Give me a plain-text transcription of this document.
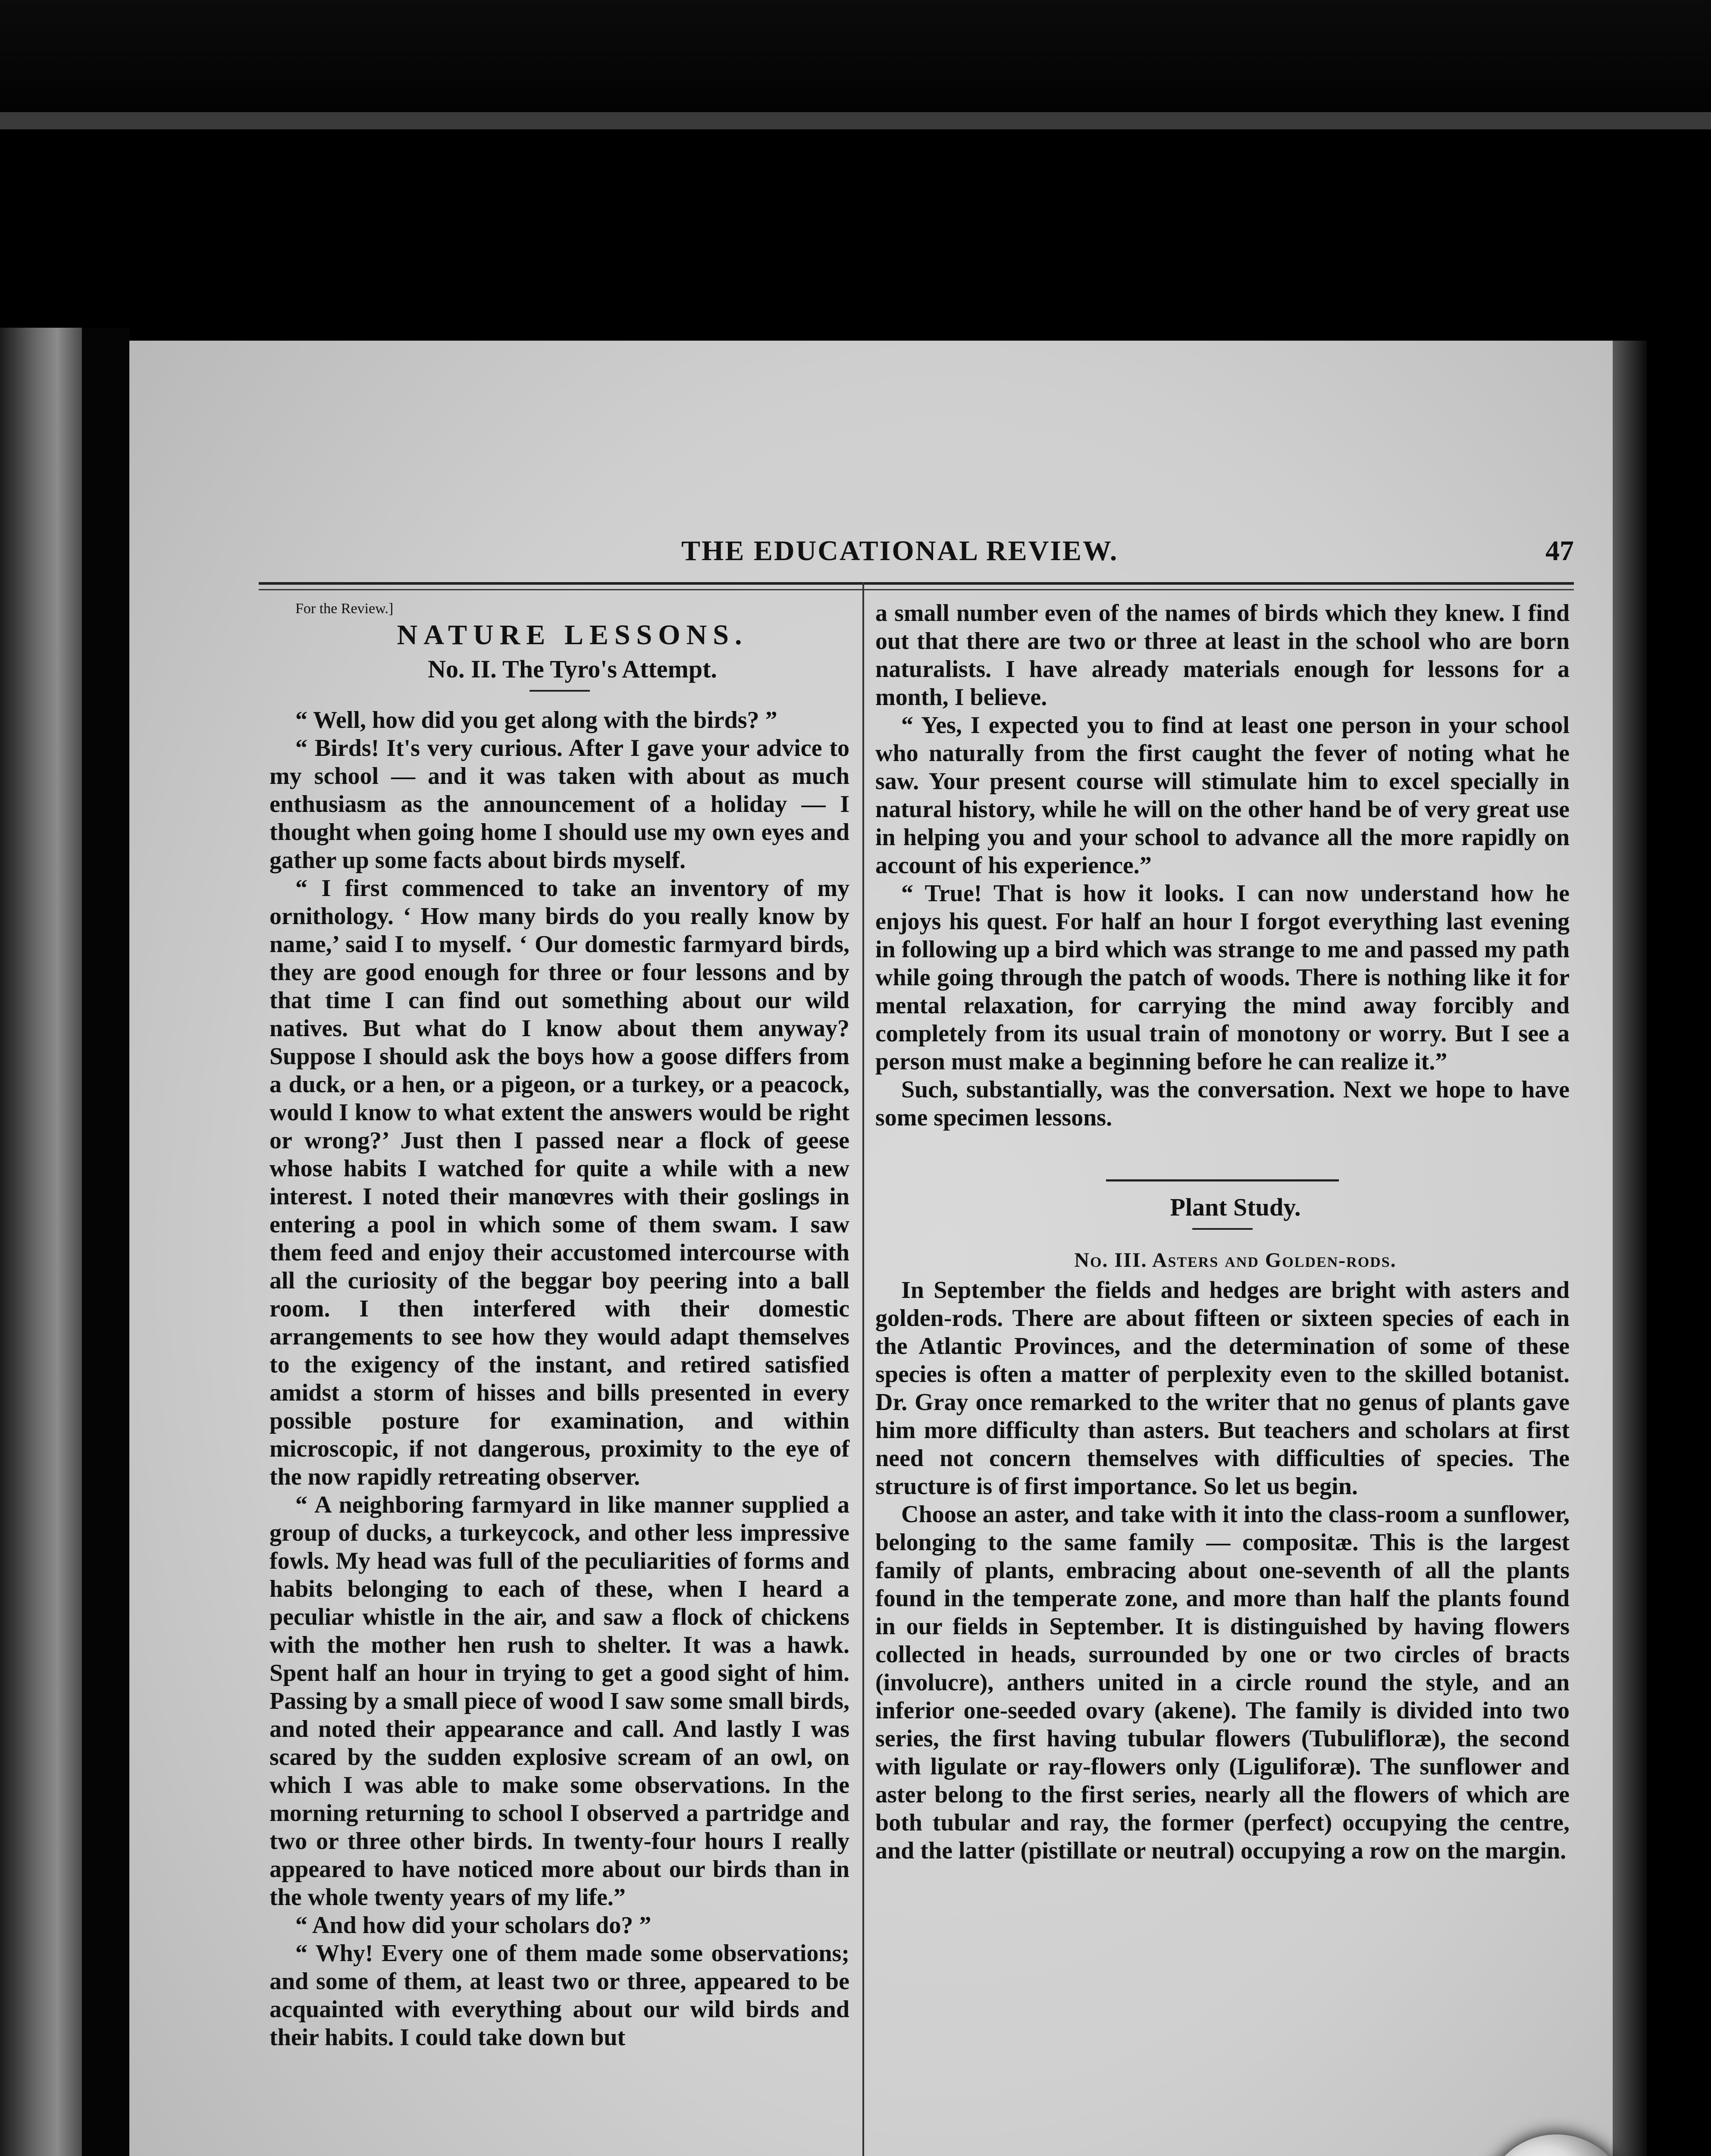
THE EDUCATIONAL REVIEW.	47

For the Review.]

NATURE LESSONS.

No. II. The Tyro's Attempt.

“ Well, how did you get along with the birds? ”

“ Birds! It's very curious. After I gave your advice to my school — and it was taken with about as much enthusiasm as the announcement of a holiday — I thought when going home I should use my own eyes and gather up some facts about birds myself.

“ I first commenced to take an inventory of my ornithology. ‘ How many birds do you really know by name,’ said I to myself. ‘ Our domestic farmyard birds, they are good enough for three or four lessons and by that time I can find out something about our wild natives. But what do I know about them anyway? Suppose I should ask the boys how a goose differs from a duck, or a hen, or a pigeon, or a turkey, or a peacock, would I know to what extent the answers would be right or wrong?’ Just then I passed near a flock of geese whose habits I watched for quite a while with a new interest. I noted their manœvres with their goslings in entering a pool in which some of them swam. I saw them feed and enjoy their accustomed intercourse with all the curiosity of the beggar boy peering into a ball room. I then interfered with their domestic arrangements to see how they would adapt themselves to the exigency of the instant, and retired satisfied amidst a storm of hisses and bills presented in every possible posture for examination, and within microscopic, if not dangerous, proximity to the eye of the now rapidly retreating observer.

“ A neighboring farmyard in like manner supplied a group of ducks, a turkeycock, and other less impressive fowls. My head was full of the peculiarities of forms and habits belonging to each of these, when I heard a peculiar whistle in the air, and saw a flock of chickens with the mother hen rush to shelter. It was a hawk. Spent half an hour in trying to get a good sight of him. Passing by a small piece of wood I saw some small birds, and noted their appearance and call. And lastly I was scared by the sudden explosive scream of an owl, on which I was able to make some observations. In the morning returning to school I observed a partridge and two or three other birds. In twenty-four hours I really appeared to have noticed more about our birds than in the whole twenty years of my life.”

“ And how did your scholars do? ”

“ Why! Every one of them made some observations; and some of them, at least two or three, appeared to be acquainted with everything about our wild birds and their habits. I could take down but

a small number even of the names of birds which they knew. I find out that there are two or three at least in the school who are born naturalists. I have already materials enough for lessons for a month, I believe.

“ Yes, I expected you to find at least one person in your school who naturally from the first caught the fever of noting what he saw. Your present course will stimulate him to excel specially in natural history, while he will on the other hand be of very great use in helping you and your school to advance all the more rapidly on account of his experience.”

“ True! That is how it looks. I can now understand how he enjoys his quest. For half an hour I forgot everything last evening in following up a bird which was strange to me and passed my path while going through the patch of woods. There is nothing like it for mental relaxation, for carrying the mind away forcibly and completely from its usual train of monotony or worry. But I see a person must make a beginning before he can realize it.”

Such, substantially, was the conversation. Next we hope to have some specimen lessons.

Plant Study.

No. III. Asters and Golden-rods.

In September the fields and hedges are bright with asters and golden-rods. There are about fifteen or sixteen species of each in the Atlantic Provinces, and the determination of some of these species is often a matter of perplexity even to the skilled botanist. Dr. Gray once remarked to the writer that no genus of plants gave him more difficulty than asters. But teachers and scholars at first need not concern themselves with difficulties of species. The structure is of first importance. So let us begin.

Choose an aster, and take with it into the class-room a sunflower, belonging to the same family — compositæ. This is the largest family of plants, embracing about one-seventh of all the plants found in the temperate zone, and more than half the plants found in our fields in September. It is distinguished by having flowers collected in heads, surrounded by one or two circles of bracts (involucre), anthers united in a circle round the style, and an inferior one-seeded ovary (akene). The family is divided into two series, the first having tubular flowers (Tubulifloræ), the second with ligulate or ray-flowers only (Liguliforæ). The sunflower and aster belong to the first series, nearly all the flowers of which are both tubular and ray, the former (perfect) occupying the centre, and the latter (pistillate or neutral) occupying a row on the margin.
